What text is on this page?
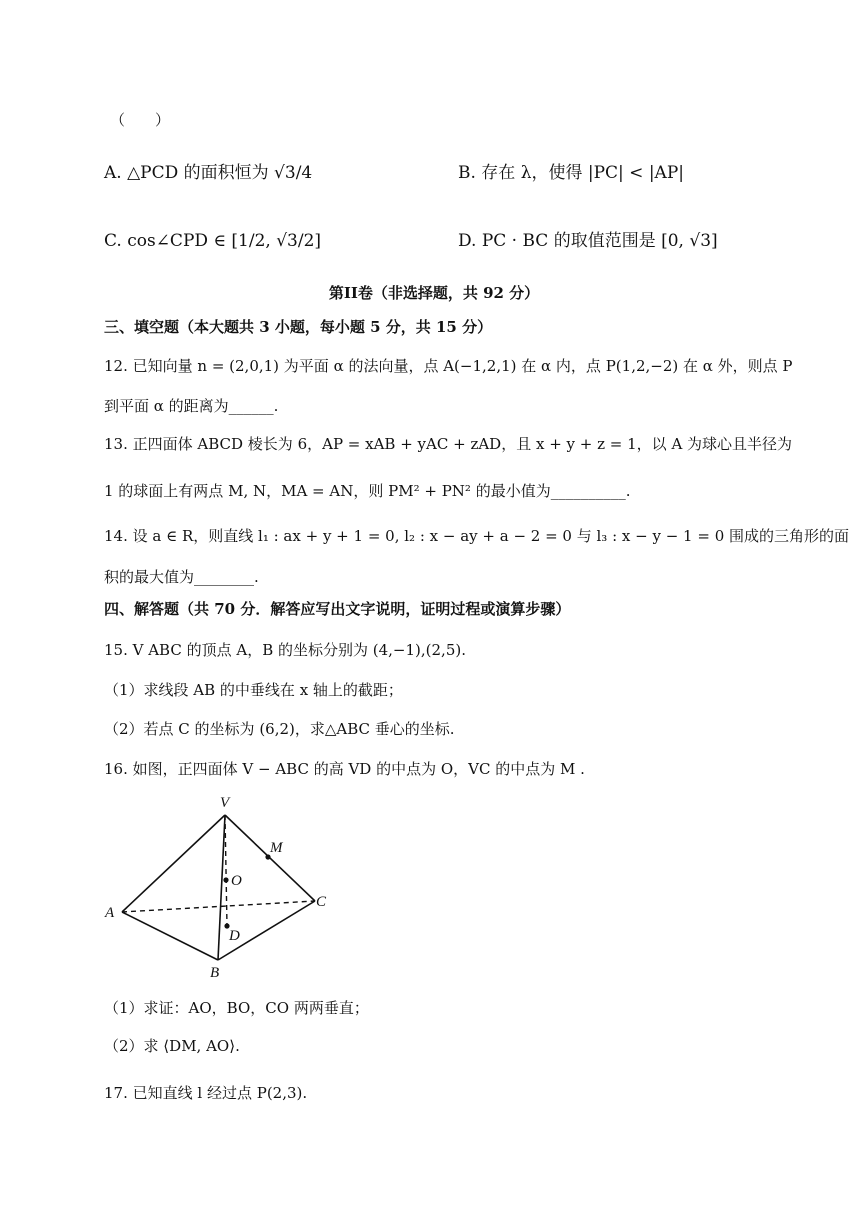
（　　）
A. △PCD 的面积恒为 √3/4	B. 存在 λ，使得 |PC| < |AP|
C. cos∠CPD ∈ [1/2, √3/2]	D. PC · BC 的取值范围是 [0, √3]
第II卷（非选择题，共 92 分）
三、填空题（本大题共 3 小题，每小题 5 分，共 15 分）
12. 已知向量 n = (2,0,1) 为平面 α 的法向量，点 A(−1,2,1) 在 α 内，点 P(1,2,−2) 在 α 外，则点 P
到平面 α 的距离为______.
13. 正四面体 ABCD 棱长为 6，AP = xAB + yAC + zAD，且 x + y + z = 1，以 A 为球心且半径为
1 的球面上有两点 M, N，MA = AN，则 PM² + PN² 的最小值为__________.
14. 设 a ∈ R，则直线 l₁ : ax + y + 1 = 0, l₂ : x − ay + a − 2 = 0 与 l₃ : x − y − 1 = 0 围成的三角形的面
积的最大值为________.
四、解答题（共 70 分．解答应写出文字说明，证明过程或演算步骤）
15. V ABC 的顶点 A，B 的坐标分别为 (4,−1),(2,5).
（1）求线段 AB 的中垂线在 x 轴上的截距；
（2）若点 C 的坐标为 (6,2)，求△ABC 垂心的坐标.
16. 如图，正四面体 V − ABC 的高 VD 的中点为 O，VC 的中点为 M .
V
M
O
A
C
D
B
（1）求证：AO，BO，CO 两两垂直；
（2）求 ⟨DM, AO⟩.
17. 已知直线 l 经过点 P(2,3).
